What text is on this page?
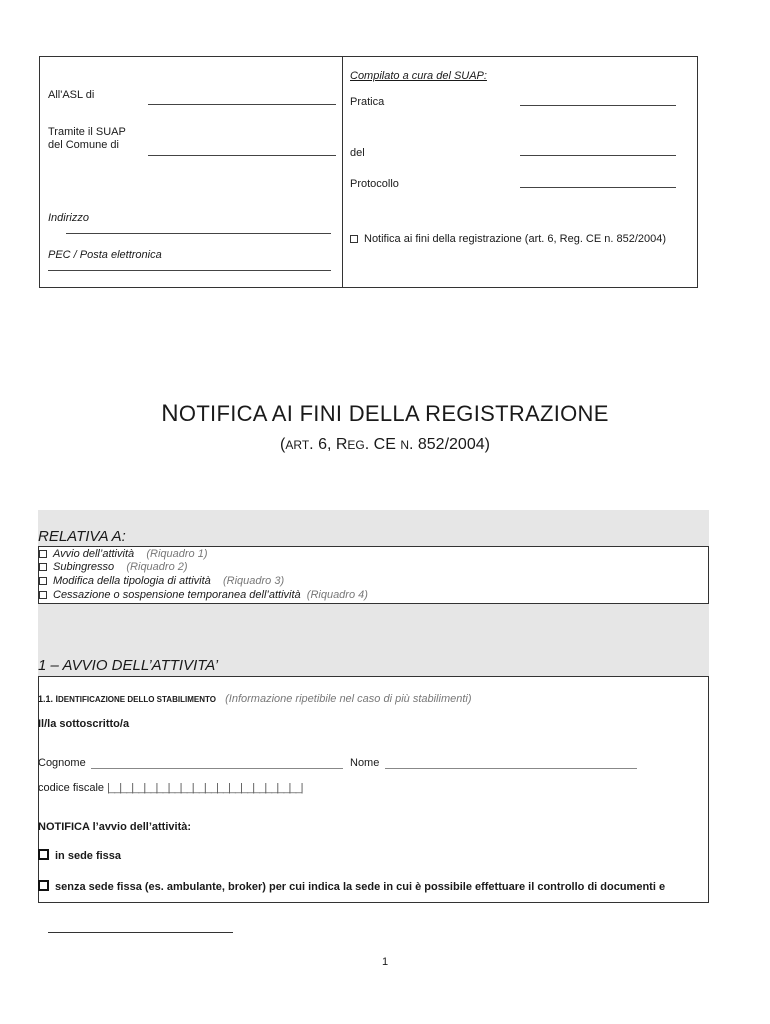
All'ASL di
Tramite il SUAP
del Comune di
Indirizzo
PEC / Posta elettronica
Compilato a cura del SUAP:
Pratica
del
Protocollo
Notifica ai fini della registrazione (art. 6, Reg. CE n. 852/2004)
NOTIFICA AI FINI DELLA REGISTRAZIONE
(ART. 6, REG. CE N. 852/2004)
RELATIVA A:
Avvio dell’attività (Riquadro 1)
Subingresso (Riquadro 2)
Modifica della tipologia di attività (Riquadro 3)
Cessazione o sospensione temporanea dell’attività (Riquadro 4)
1 – AVVIO DELL’ATTIVITA’
1.1. IDENTIFICAZIONE DELLO STABILIMENTO (Informazione ripetibile nel caso di più stabilimenti)
Il/la sottoscritto/a
Cognome	Nome
codice fiscale |__|__|__|__|__|__|__|__|__|__|__|__|__|__|__|__|
NOTIFICA l’avvio dell’attività:
in sede fissa
senza sede fissa (es. ambulante, broker) per cui indica la sede in cui è possibile effettuare il controllo di documenti e
1
